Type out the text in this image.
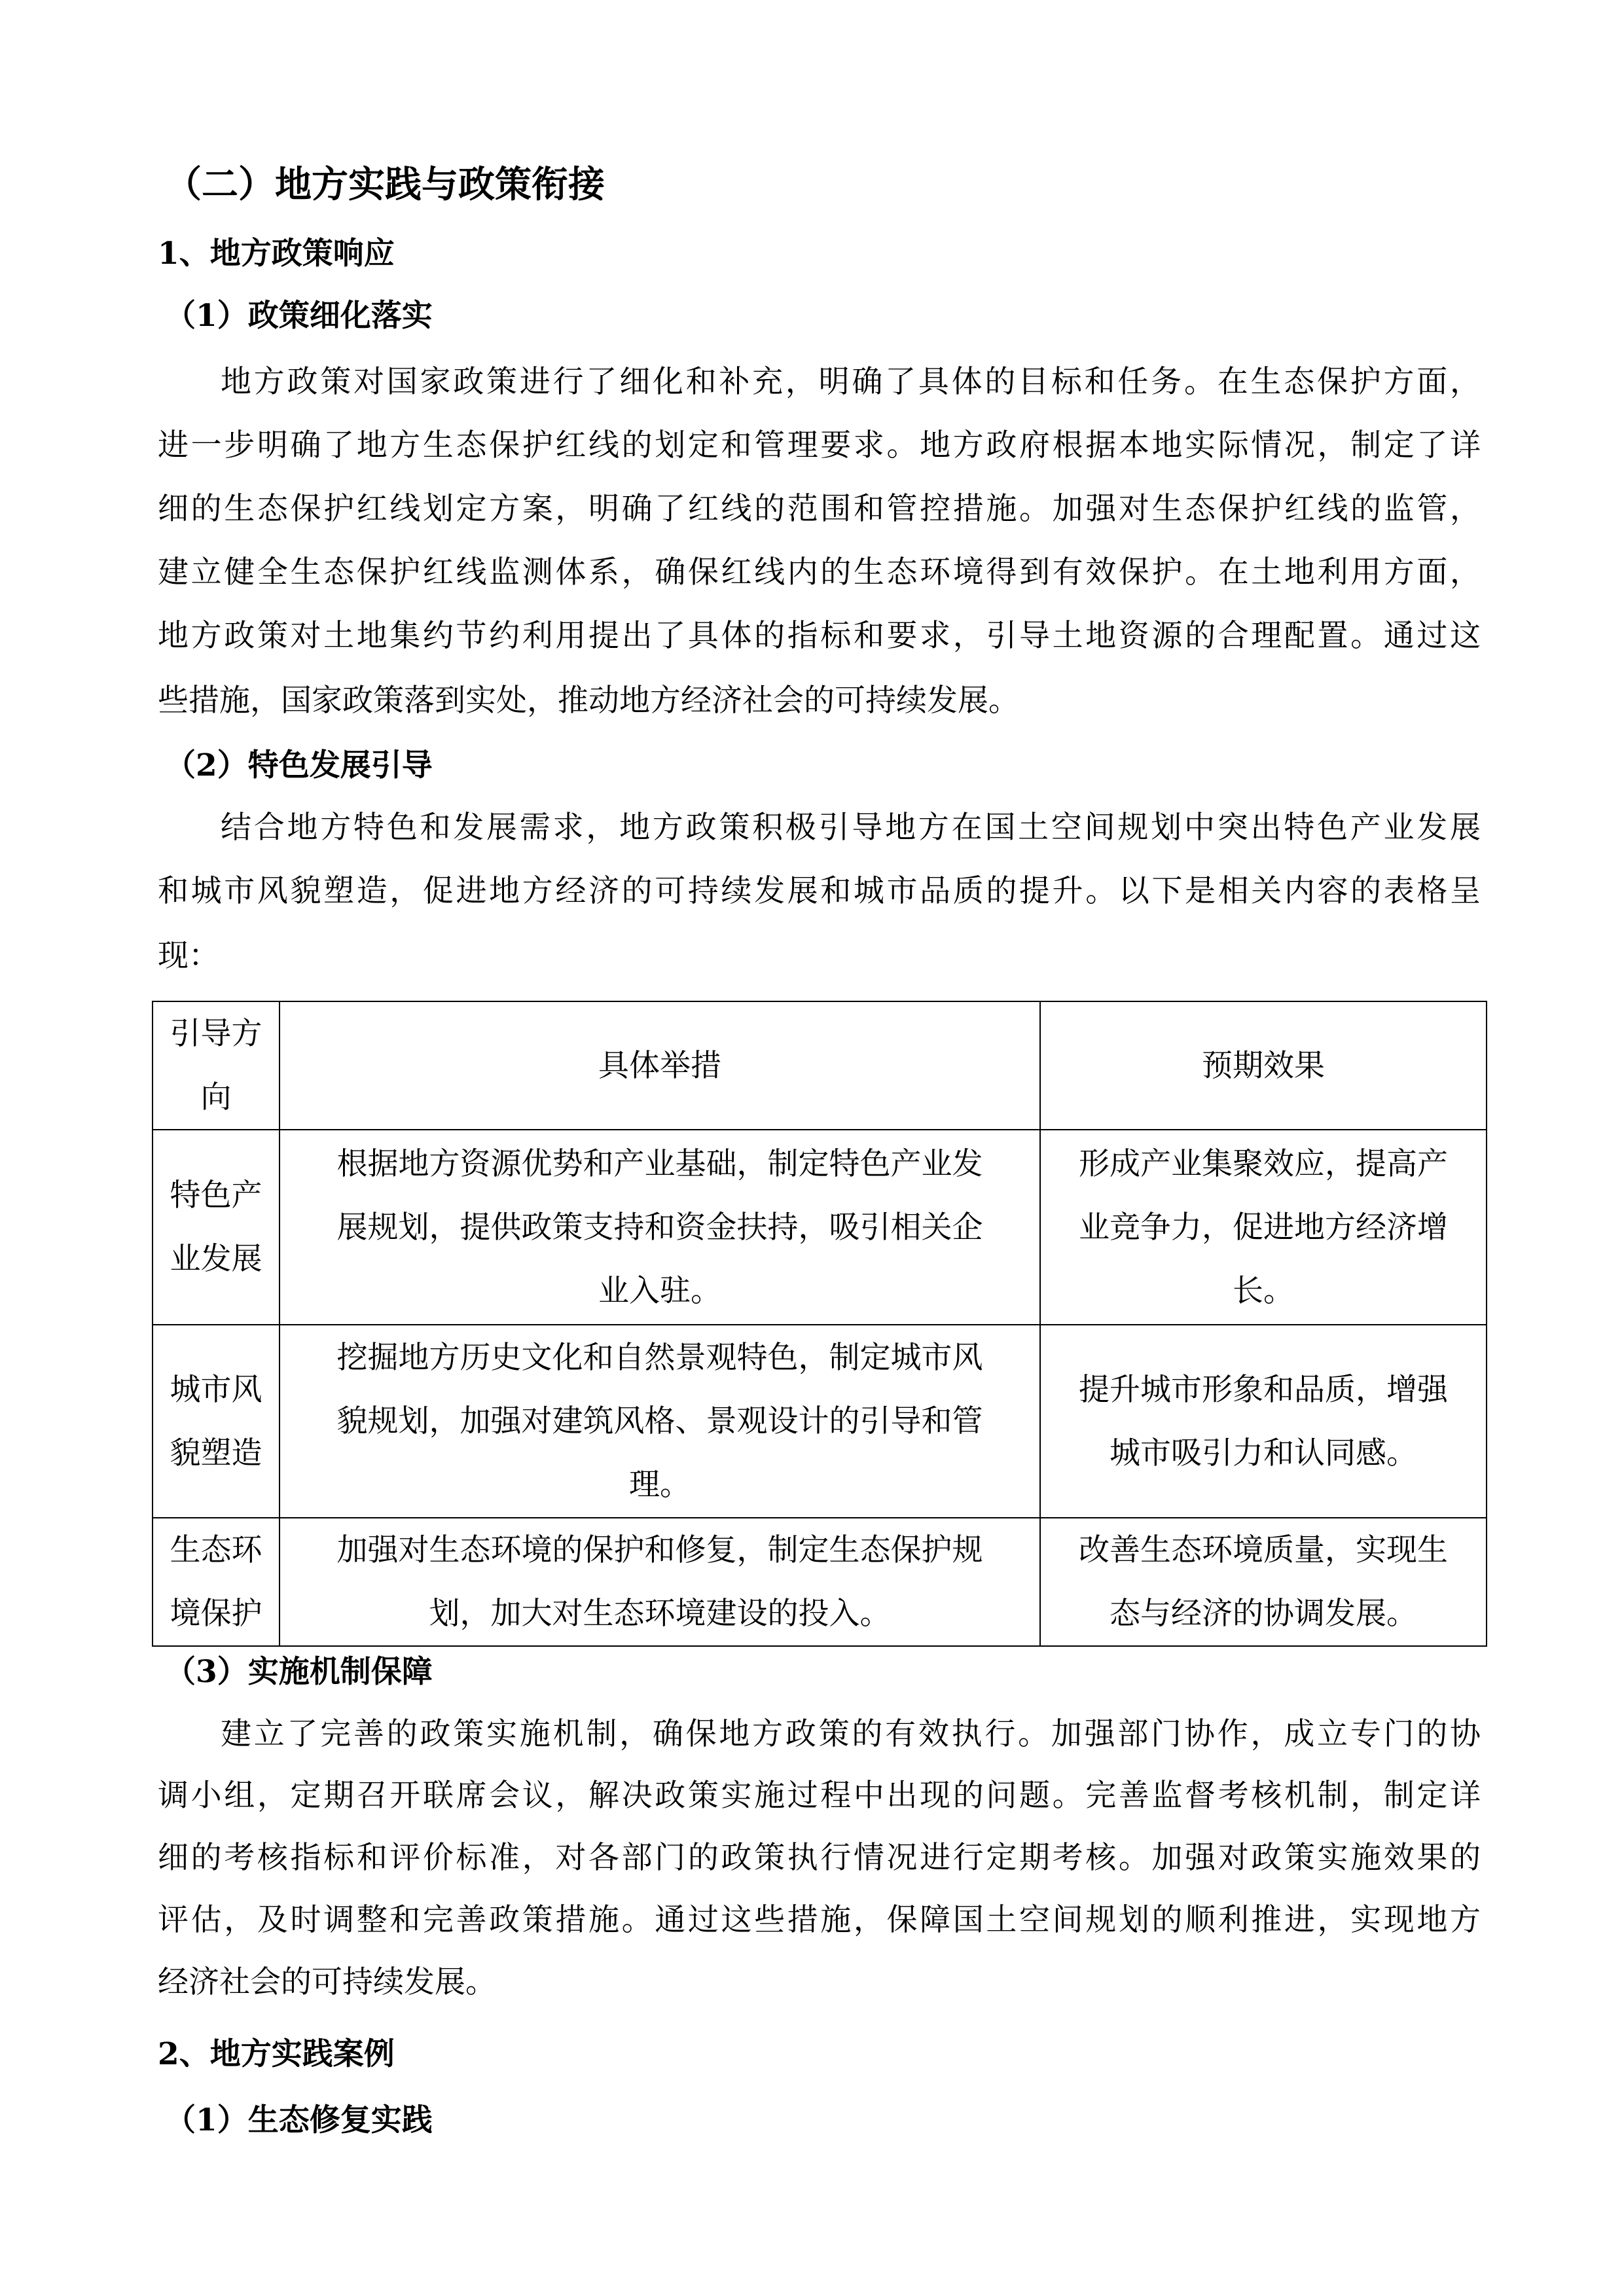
（二）地方实践与政策衔接
1、地方政策响应
（1）政策细化落实
地方政策对国家政策进行了细化和补充，明确了具体的目标和任务。在生态保护方面，
进一步明确了地方生态保护红线的划定和管理要求。地方政府根据本地实际情况，制定了详
细的生态保护红线划定方案，明确了红线的范围和管控措施。加强对生态保护红线的监管，
建立健全生态保护红线监测体系，确保红线内的生态环境得到有效保护。在土地利用方面，
地方政策对土地集约节约利用提出了具体的指标和要求，引导土地资源的合理配置。通过这
些措施，国家政策落到实处，推动地方经济社会的可持续发展。
（2）特色发展引导
结合地方特色和发展需求，地方政策积极引导地方在国土空间规划中突出特色产业发展
和城市风貌塑造，促进地方经济的可持续发展和城市品质的提升。以下是相关内容的表格呈
现：
引导方
向	具体举措	预期效果
特色产
业发展	根据地方资源优势和产业基础，制定特色产业发
展规划，提供政策支持和资金扶持，吸引相关企
业入驻。	形成产业集聚效应，提高产
业竞争力，促进地方经济增
长。
城市风
貌塑造	挖掘地方历史文化和自然景观特色，制定城市风
貌规划，加强对建筑风格、景观设计的引导和管
理。	提升城市形象和品质，增强
城市吸引力和认同感。
生态环
境保护	加强对生态环境的保护和修复，制定生态保护规
划，加大对生态环境建设的投入。	改善生态环境质量，实现生
态与经济的协调发展。
（3）实施机制保障
建立了完善的政策实施机制，确保地方政策的有效执行。加强部门协作，成立专门的协
调小组，定期召开联席会议，解决政策实施过程中出现的问题。完善监督考核机制，制定详
细的考核指标和评价标准，对各部门的政策执行情况进行定期考核。加强对政策实施效果的
评估，及时调整和完善政策措施。通过这些措施，保障国土空间规划的顺利推进，实现地方
经济社会的可持续发展。
2、地方实践案例
（1）生态修复实践
